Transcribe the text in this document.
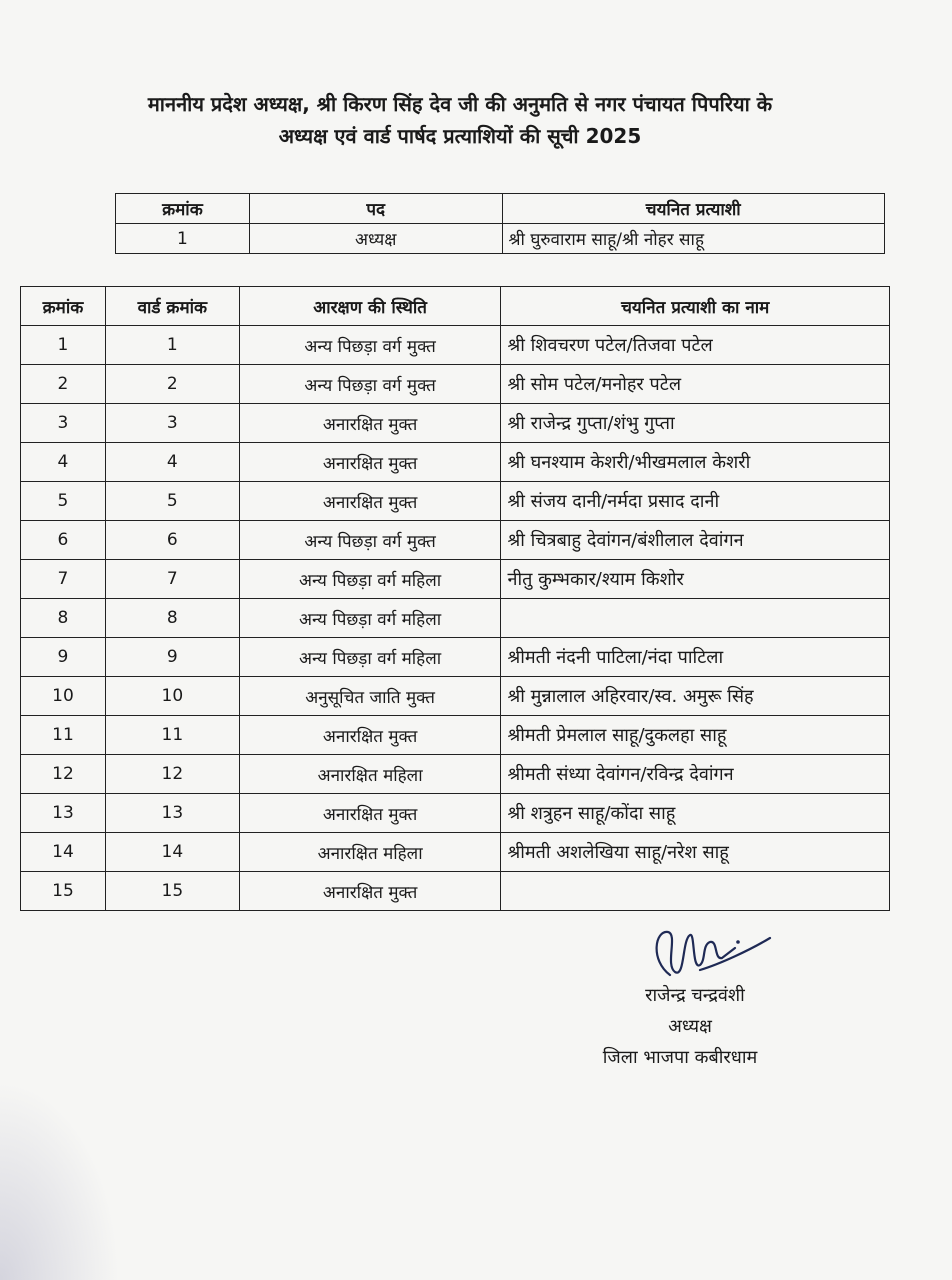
माननीय प्रदेश अध्यक्ष, श्री किरण सिंह देव जी की अनुमति से नगर पंचायत पिपरिया के
अध्यक्ष एवं वार्ड पार्षद प्रत्याशियों की सूची 2025
क्रमांक	पद	चयनित प्रत्याशी
1	अध्यक्ष	श्री घुरुवाराम साहू/श्री नोहर साहू
क्रमांक	वार्ड क्रमांक	आरक्षण की स्थिति	चयनित प्रत्याशी का नाम
1	1	अन्य पिछड़ा वर्ग मुक्त	श्री शिवचरण पटेल/तिजवा पटेल
2	2	अन्य पिछड़ा वर्ग मुक्त	श्री सोम पटेल/मनोहर पटेल
3	3	अनारक्षित मुक्त	श्री राजेन्द्र गुप्ता/शंभु गुप्ता
4	4	अनारक्षित मुक्त	श्री घनश्याम केशरी/भीखमलाल केशरी
5	5	अनारक्षित मुक्त	श्री संजय दानी/नर्मदा प्रसाद दानी
6	6	अन्य पिछड़ा वर्ग मुक्त	श्री चित्रबाहु देवांगन/बंशीलाल देवांगन
7	7	अन्य पिछड़ा वर्ग महिला	नीतु कुम्भकार/श्याम किशोर
8	8	अन्य पिछड़ा वर्ग महिला	
9	9	अन्य पिछड़ा वर्ग महिला	श्रीमती नंदनी पाटिला/नंदा पाटिला
10	10	अनुसूचित जाति मुक्त	श्री मुन्नालाल अहिरवार/स्व. अमुरू सिंह
11	11	अनारक्षित मुक्त	श्रीमती प्रेमलाल साहू/दुकलहा साहू
12	12	अनारक्षित महिला	श्रीमती संध्या देवांगन/रविन्द्र देवांगन
13	13	अनारक्षित मुक्त	श्री शत्रुहन साहू/कोंदा साहू
14	14	अनारक्षित महिला	श्रीमती अशलेखिया साहू/नरेश साहू
15	15	अनारक्षित मुक्त	
राजेन्द्र चन्द्रवंशी
अध्यक्ष
जिला भाजपा कबीरधाम
